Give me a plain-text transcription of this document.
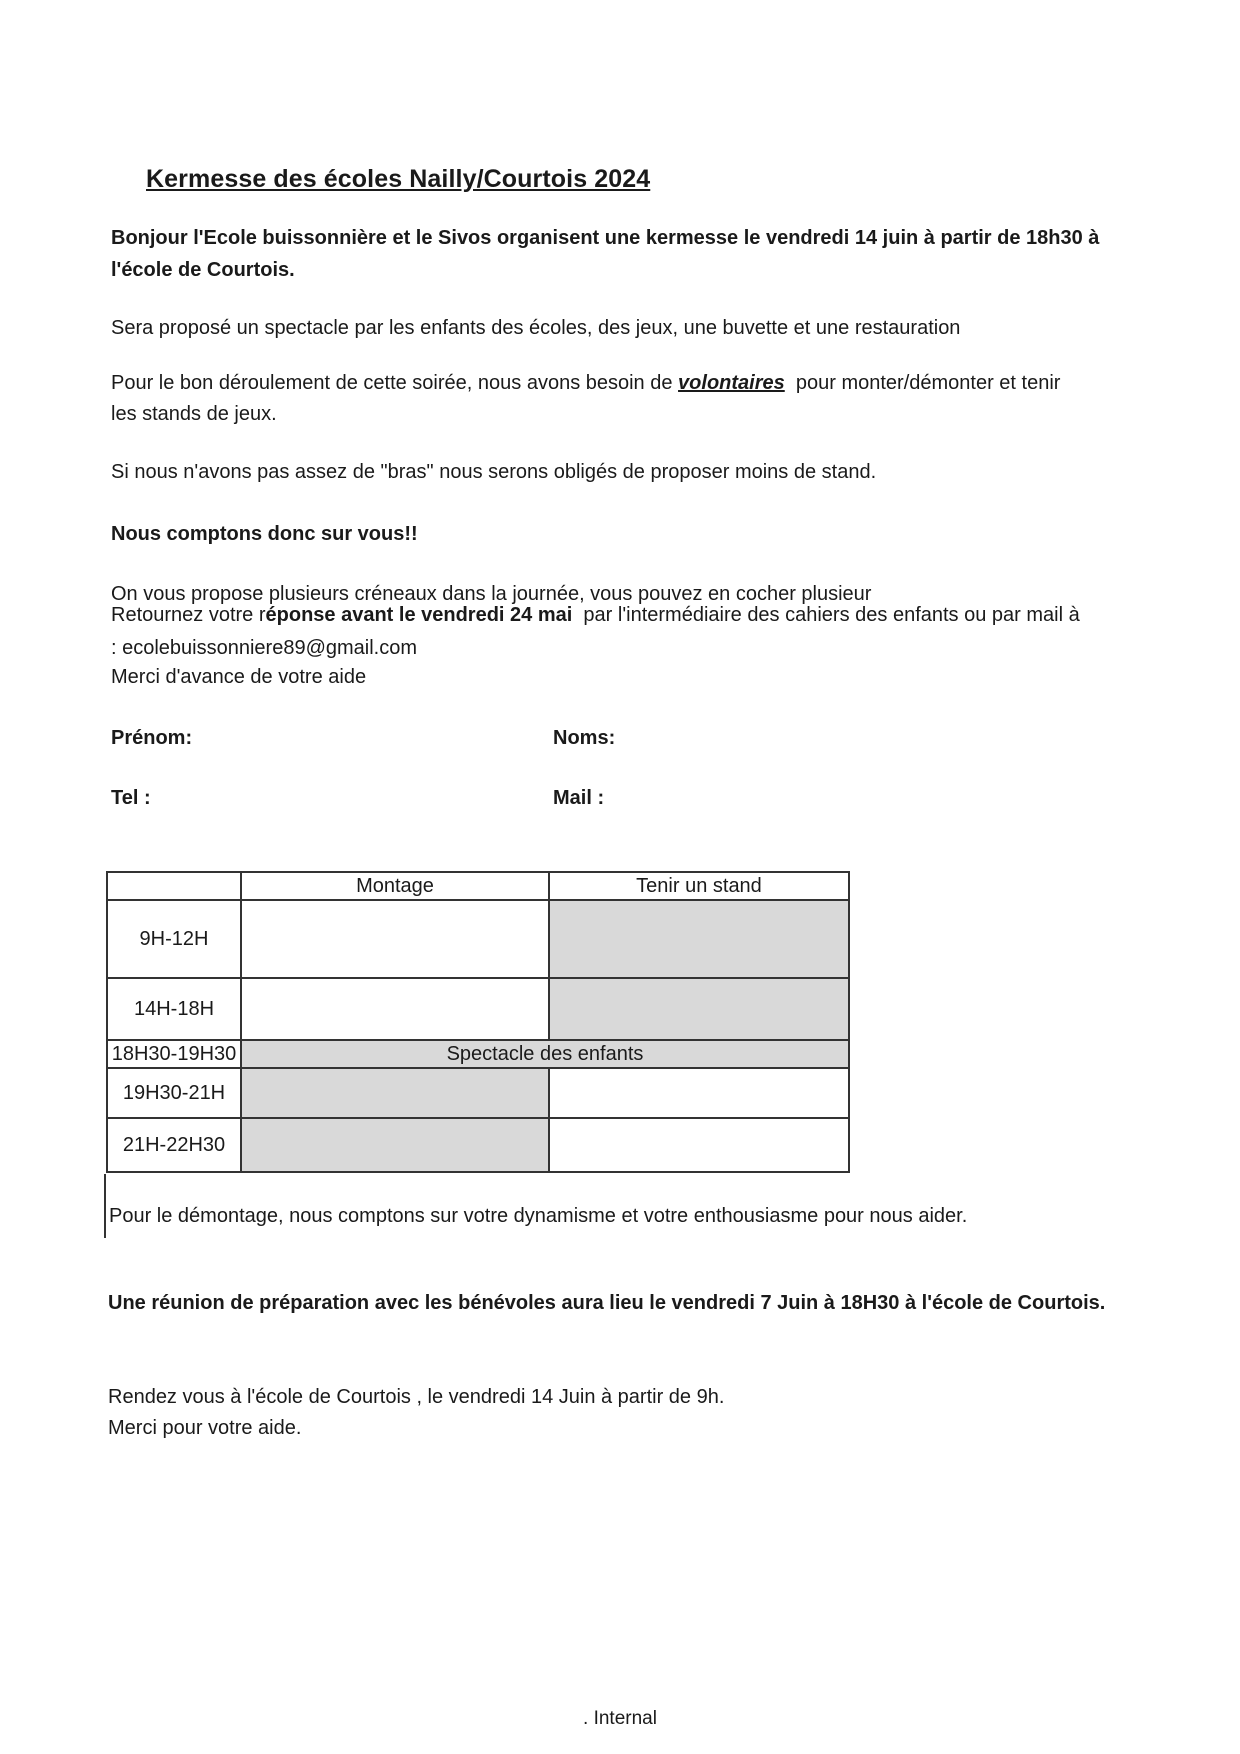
Kermesse des écoles Nailly/Courtois 2024
Bonjour l'Ecole buissonnière et le Sivos organisent une kermesse le vendredi 14 juin à partir de 18h30 à
l'école de Courtois.
Sera proposé un spectacle par les enfants des écoles, des jeux, une buvette et une restauration
Pour le bon déroulement de cette soirée, nous avons besoin de volontaires  pour monter/démonter et tenir
les stands de jeux.
Si nous n'avons pas assez de "bras" nous serons obligés de proposer moins de stand.
Nous comptons donc sur vous!!
On vous propose plusieurs créneaux dans la journée, vous pouvez en cocher plusieur
Retournez votre réponse avant le vendredi 24 mai  par l'intermédiaire des cahiers des enfants ou par mail à
: ecolebuissonniere89@gmail.com
Merci d'avance de votre aide
Prénom:	Noms:
Tel :	Mail :
	Montage	Tenir un stand
9H-12H		
14H-18H		
18H30-19H30	Spectacle des enfants	
19H30-21H		
21H-22H30		
Pour le démontage, nous comptons sur votre dynamisme et votre enthousiasme pour nous aider.
Une réunion de préparation avec les bénévoles aura lieu le vendredi 7 Juin à 18H30 à l'école de Courtois.
Rendez vous à l'école de Courtois , le vendredi 14 Juin à partir de 9h.
Merci pour votre aide.
. Internal
